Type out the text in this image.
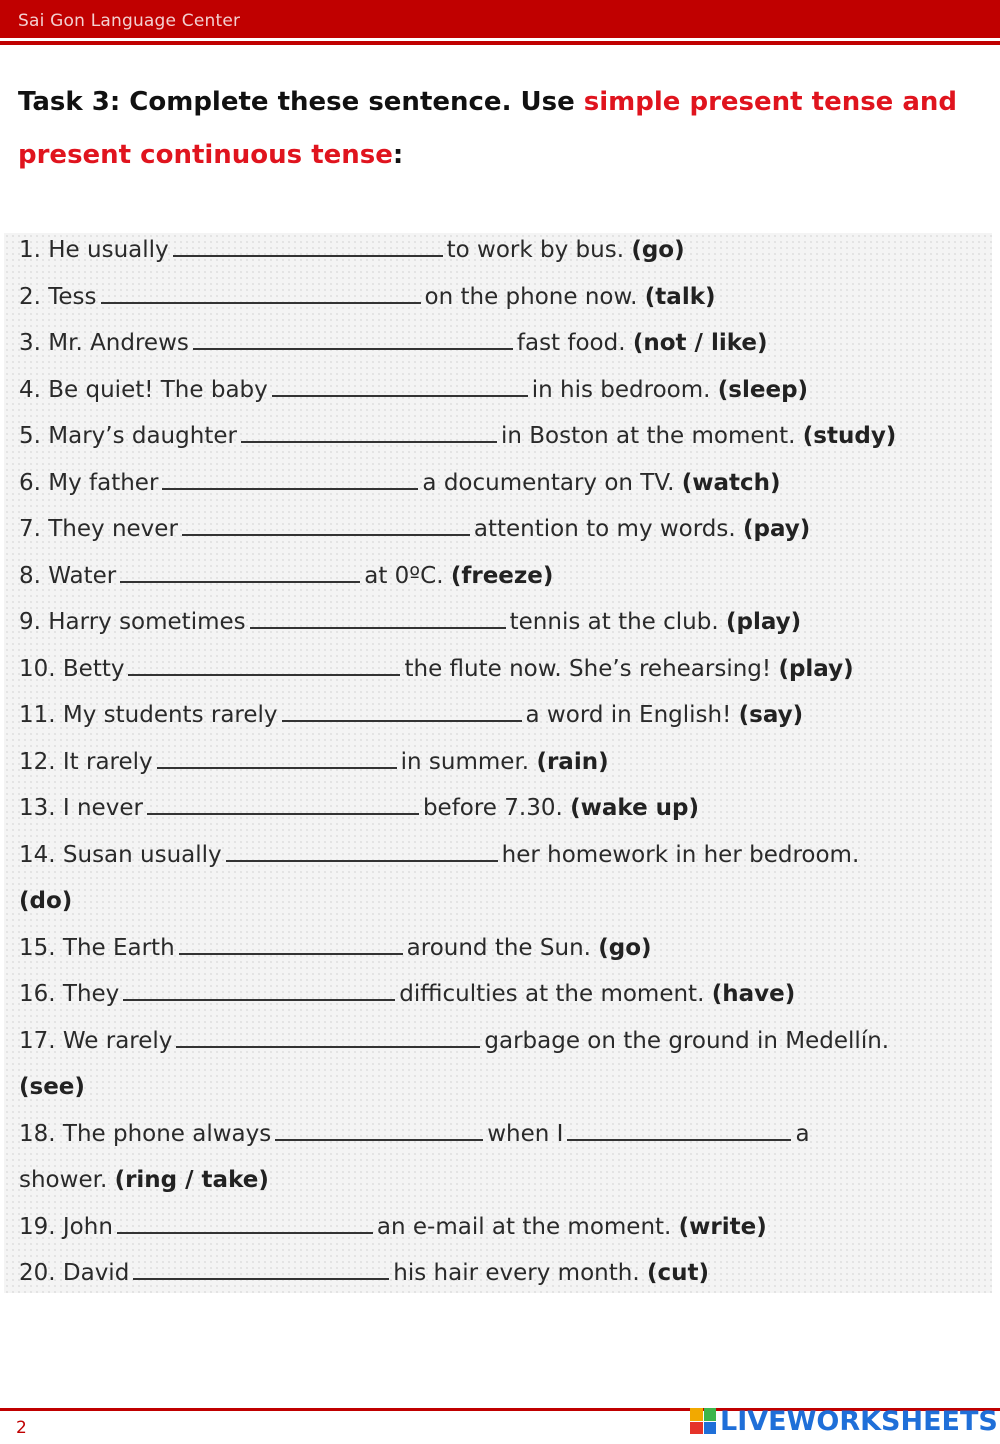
Sai Gon Language Center
Task 3: Complete these sentence. Use simple present tense and
present continuous tense:
1. He usually	to work by bus. (go)
2. Tess	on the phone now. (talk)
3. Mr. Andrews	fast food. (not / like)
4. Be quiet! The baby	in his bedroom. (sleep)
5. Mary’s daughter	in Boston at the moment. (study)
6. My father	a documentary on TV. (watch)
7. They never	attention to my words. (pay)
8. Water	at 0ºC. (freeze)
9. Harry sometimes	tennis at the club. (play)
10. Betty	the flute now. She’s rehearsing! (play)
11. My students rarely	a word in English! (say)
12. It rarely	in summer. (rain)
13. I never	before 7.30. (wake up)
14. Susan usually	her homework in her bedroom.
(do)
15. The Earth	around the Sun. (go)
16. They	difficulties at the moment. (have)
17. We rarely	garbage on the ground in Medellín.
(see)
18. The phone always	when I	a
shower. (ring / take)
19. John	an e-mail at the moment. (write)
20. David	his hair every month. (cut)
2	LIVEWORKSHEETS
